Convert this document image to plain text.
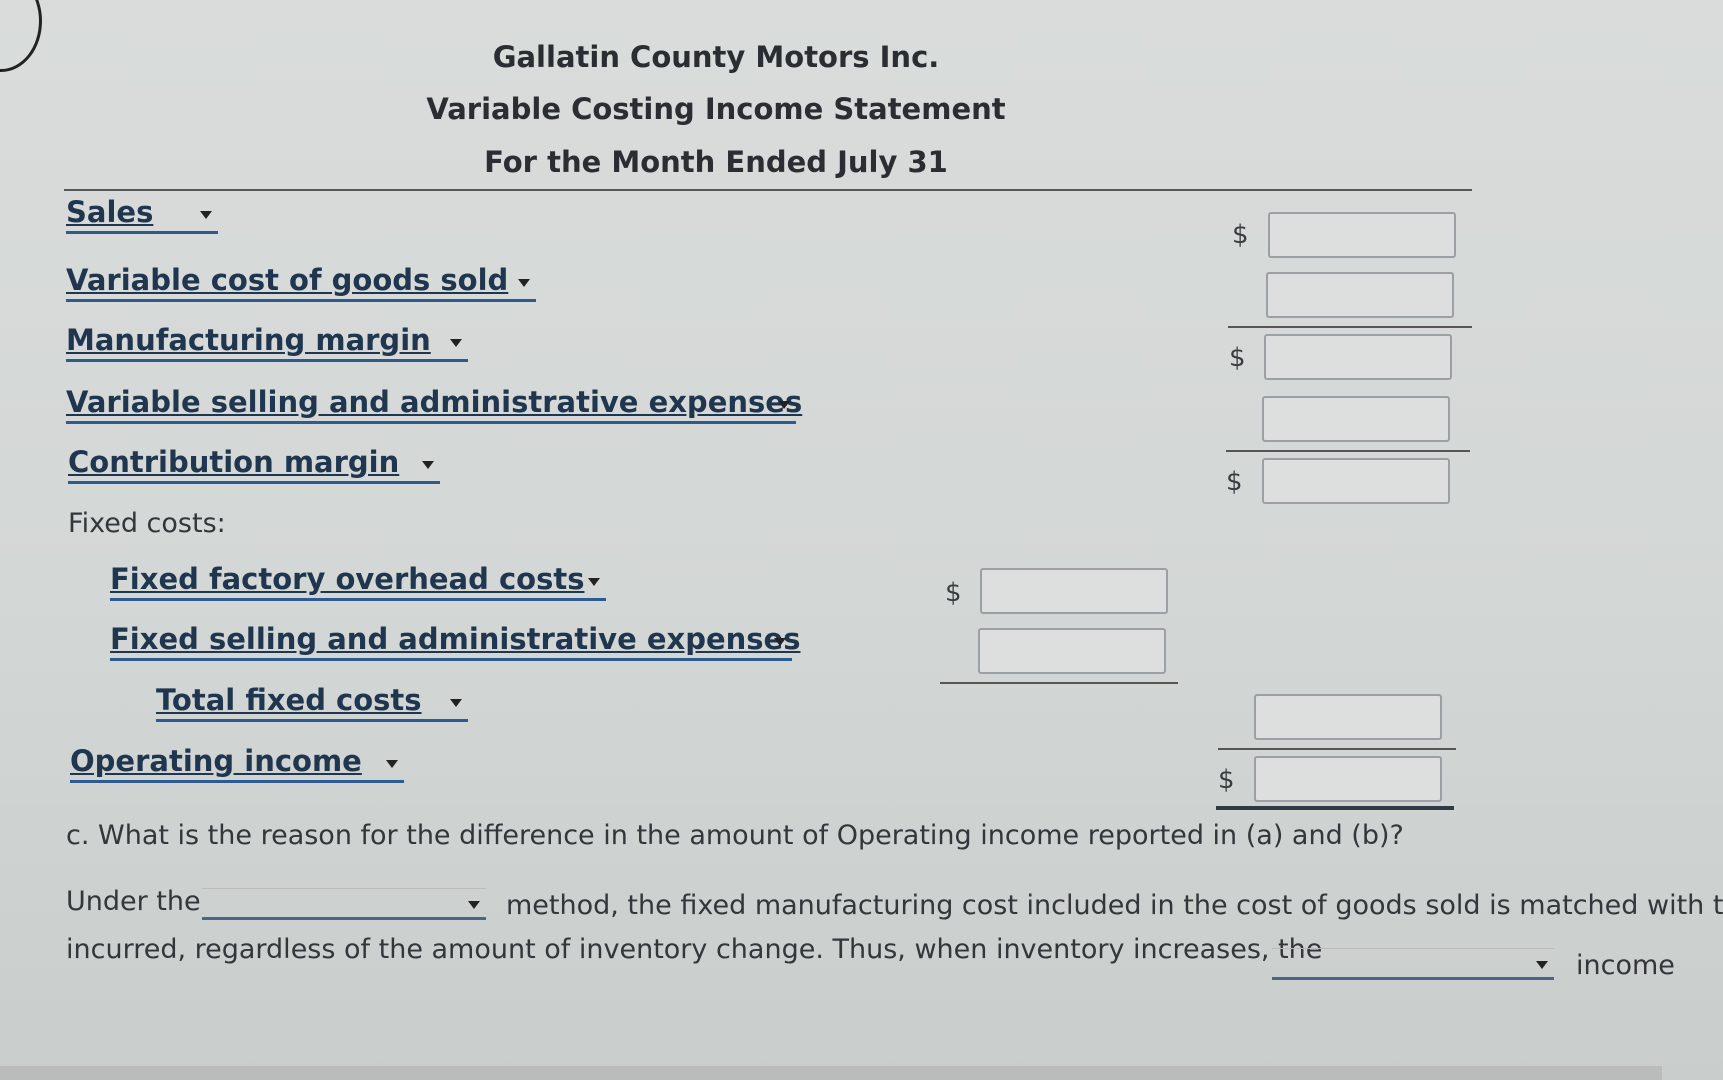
Gallatin County Motors Inc.
Variable Costing Income Statement
For the Month Ended July 31
Sales
Variable cost of goods sold
Manufacturing margin
Variable selling and administrative expenses
Contribution margin
Fixed costs:
Fixed factory overhead costs
Fixed selling and administrative expenses
Total fixed costs
Operating income
$
$
$
$
$
c. What is the reason for the difference in the amount of Operating income reported in (a) and (b)?
Under the	method, the fixed manufacturing cost included in the cost of goods sold is matched with t
incurred, regardless of the amount of inventory change. Thus, when inventory increases, the
income
